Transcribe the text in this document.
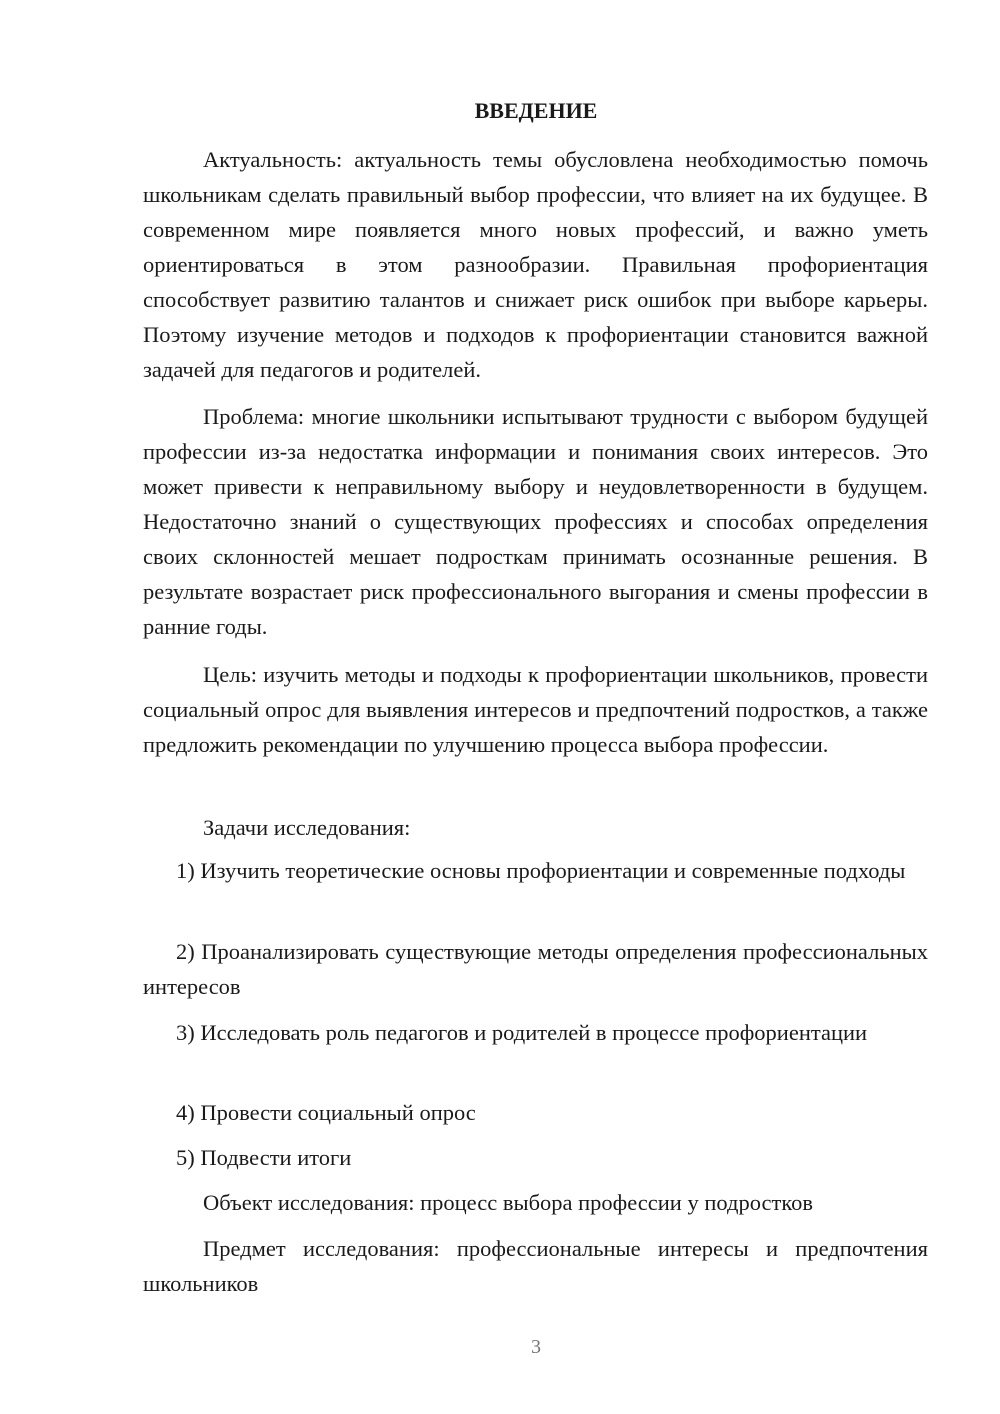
ВВЕДЕНИЕ

Актуальность: актуальность темы обусловлена необходимостью помочь школьникам сделать правильный выбор профессии, что влияет на их будущее. В современном мире появляется много новых профессий, и важно уметь ориентироваться в этом разнообразии. Правильная профориентация способствует развитию талантов и снижает риск ошибок при выборе карьеры. Поэтому изучение методов и подходов к профориентации становится важной задачей для педагогов и родителей.

Проблема: многие школьники испытывают трудности с выбором будущей профессии из-за недостатка информации и понимания своих интересов. Это может привести к неправильному выбору и неудовлетворенности в будущем. Недостаточно знаний о существующих профессиях и способах определения своих склонностей мешает подросткам принимать осознанные решения. В результате возрастает риск профессионального выгорания и смены профессии в ранние годы.

Цель: изучить методы и подходы к профориентации школьников, провести социальный опрос для выявления интересов и предпочтений подростков, а также предложить рекомендации по улучшению процесса выбора профессии.

Задачи исследования:

1) Изучить теоретические основы профориентации и современные подходы

2) Проанализировать существующие методы определения профессиональных интересов

3) Исследовать роль педагогов и родителей в процессе профориентации

4) Провести социальный опрос

5) Подвести итоги

Объект исследования: процесс выбора профессии у подростков

Предмет исследования: профессиональные интересы и предпочтения школьников

3
